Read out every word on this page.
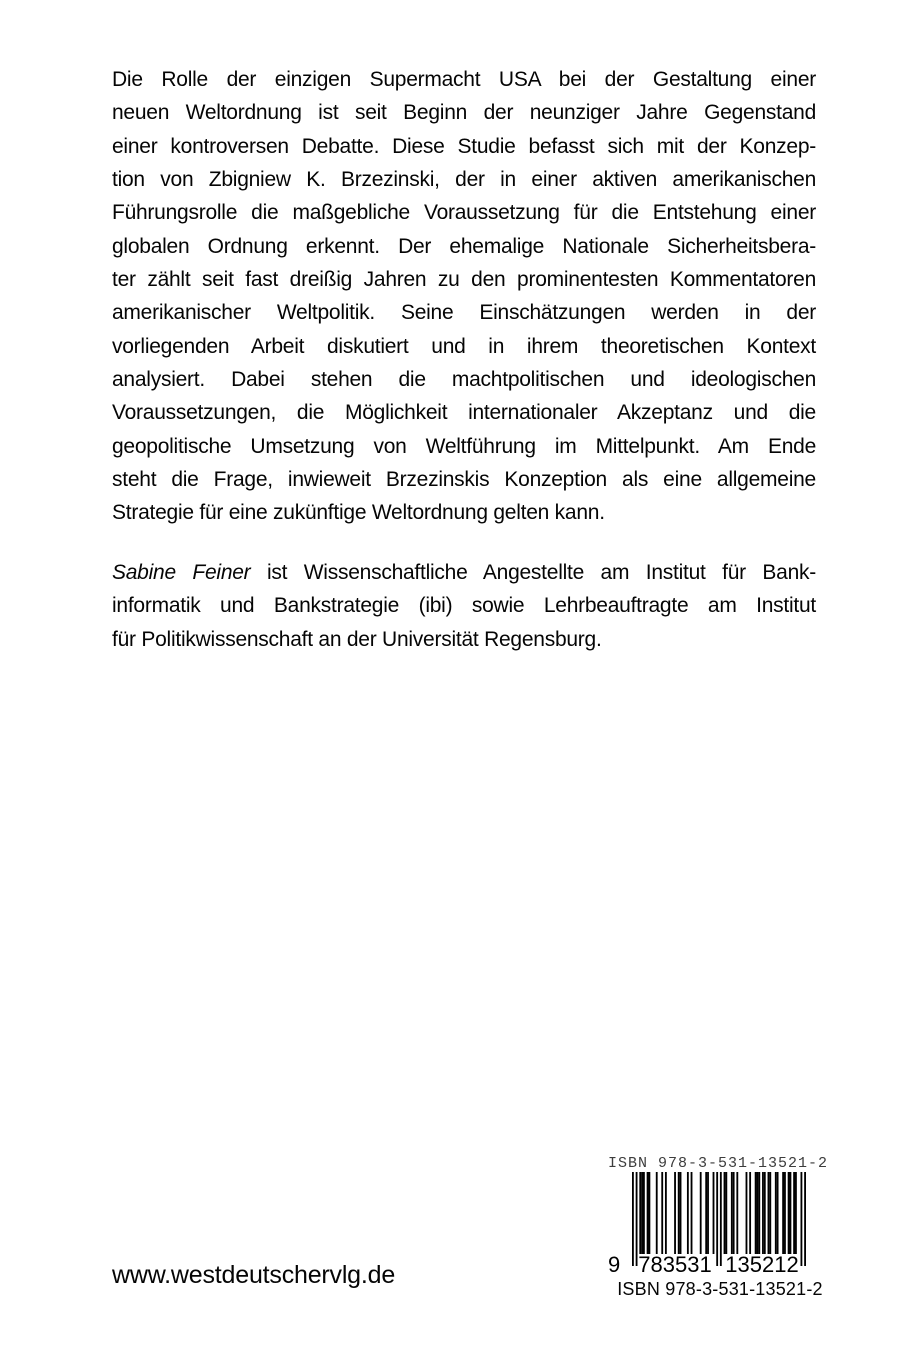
Die Rolle der einzigen Supermacht USA bei der Gestaltung einer
neuen Weltordnung ist seit Beginn der neunziger Jahre Gegenstand
einer kontroversen Debatte. Diese Studie befasst sich mit der Konzep-
tion von Zbigniew K. Brzezinski, der in einer aktiven amerikanischen
Führungsrolle die maßgebliche Voraussetzung für die Entstehung einer
globalen Ordnung erkennt. Der ehemalige Nationale Sicherheitsbera-
ter zählt seit fast dreißig Jahren zu den prominentesten Kommentatoren
amerikanischer Weltpolitik. Seine Einschätzungen werden in der
vorliegenden Arbeit diskutiert und in ihrem theoretischen Kontext
analysiert. Dabei stehen die machtpolitischen und ideologischen
Voraussetzungen, die Möglichkeit internationaler Akzeptanz und die
geopolitische Umsetzung von Weltführung im Mittelpunkt. Am Ende
steht die Frage, inwieweit Brzezinskis Konzeption als eine allgemeine
Strategie für eine zukünftige Weltordnung gelten kann.
Sabine Feiner ist Wissenschaftliche Angestellte am Institut für Bank-
informatik und Bankstrategie (ibi) sowie Lehrbeauftragte am Institut
für Politikwissenschaft an der Universität Regensburg.
www.westdeutschervlg.de
ISBN 978-3-531-13521-2
9 783531 135212
ISBN 978-3-531-13521-2
